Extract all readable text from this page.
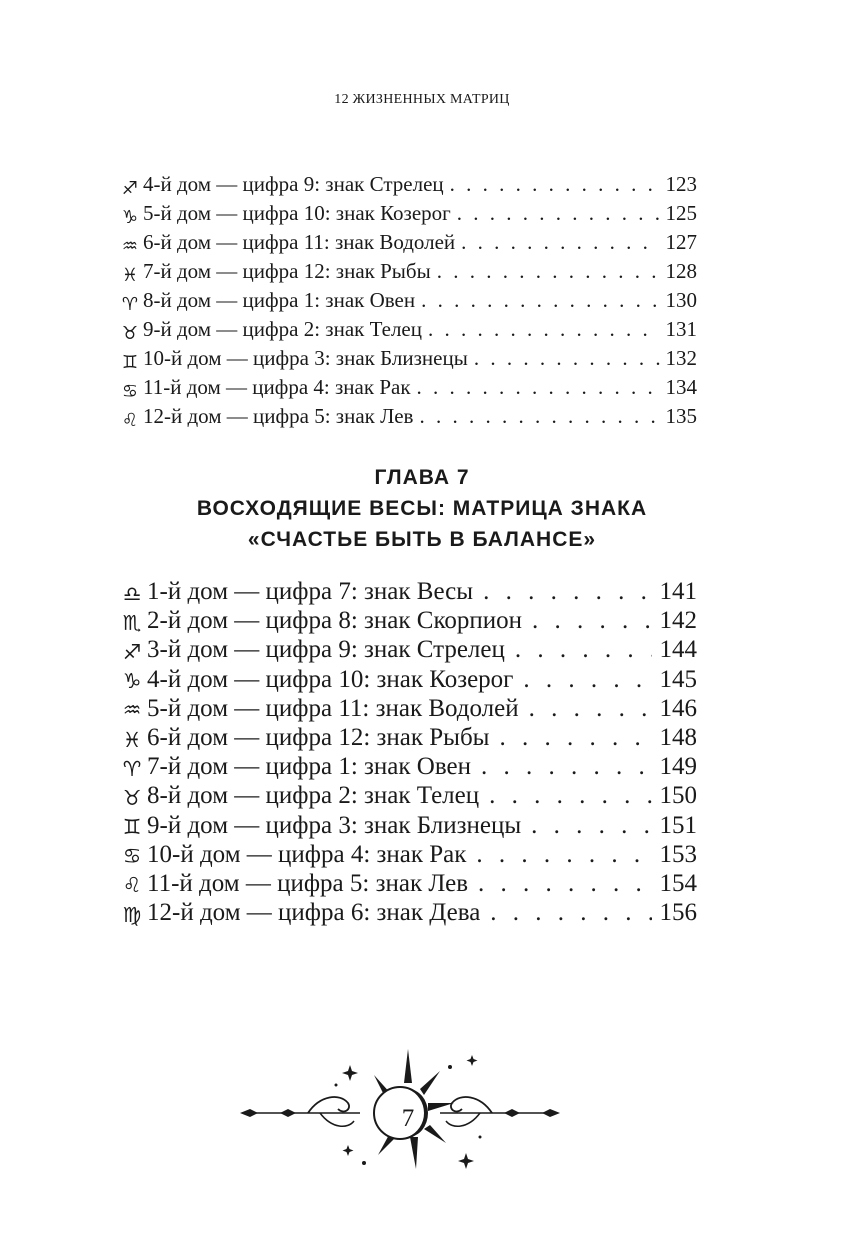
12 ЖИЗНЕННЫХ МАТРИЦ
♐ 4-й дом — цифра 9: знак Стрелец . . .	123
♑ 5-й дом — цифра 10: знак Козерог . . .	125
♒ 6-й дом — цифра 11: знак Водолей . . .	127
♓ 7-й дом — цифра 12: знак Рыбы . . .	128
♈ 8-й дом — цифра 1: знак Овен . . .	130
♉ 9-й дом — цифра 2: знак Телец . . .	131
♊ 10-й дом — цифра 3: знак Близнецы . . .	132
♋ 11-й дом — цифра 4: знак Рак . . .	134
♌ 12-й дом — цифра 5: знак Лев . . .	135
ГЛАВА 7
ВОСХОДЯЩИЕ ВЕСЫ: МАТРИЦА ЗНАКА
«СЧАСТЬЕ БЫТЬ В БАЛАНСЕ»
♎ 1-й дом — цифра 7: знак Весы . . .	141
♏ 2-й дом — цифра 8: знак Скорпион . . .	142
♐ 3-й дом — цифра 9: знак Стрелец . . .	144
♑ 4-й дом — цифра 10: знак Козерог . . .	145
♒ 5-й дом — цифра 11: знак Водолей . . .	146
♓ 6-й дом — цифра 12: знак Рыбы . . .	148
♈ 7-й дом — цифра 1: знак Овен . . .	149
♉ 8-й дом — цифра 2: знак Телец . . .	150
♊ 9-й дом — цифра 3: знак Близнецы . . .	151
♋ 10-й дом — цифра 4: знак Рак . . .	153
♌ 11-й дом — цифра 5: знак Лев . . .	154
♍ 12-й дом — цифра 6: знак Дева . . .	156
7
